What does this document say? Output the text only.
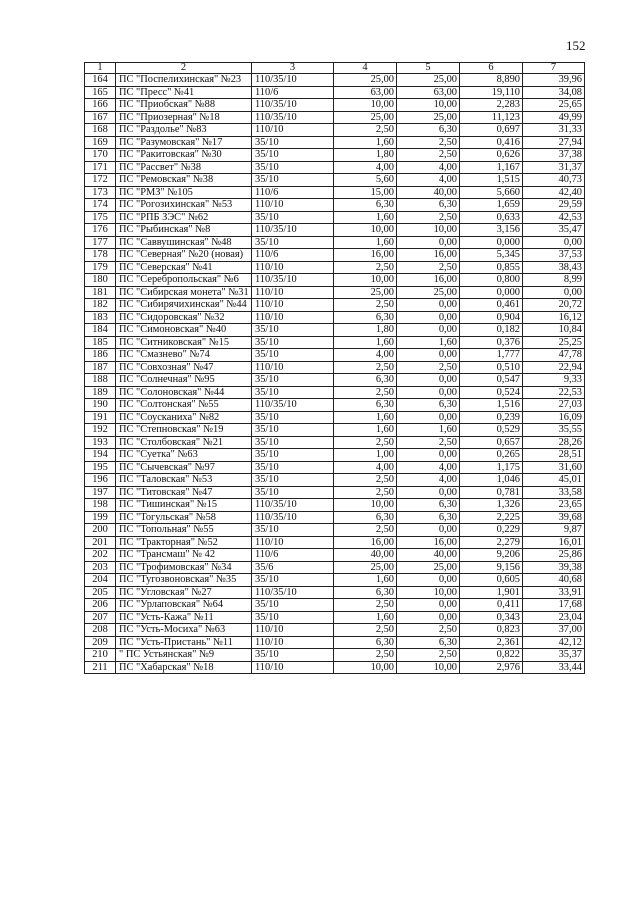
152
1	2	3	4	5	6	7
164	ПС "Поспелихинская" №23	110/35/10	25,00	25,00	8,890	39,96
165	ПС "Пресс" №41	110/6	63,00	63,00	19,110	34,08
166	ПС "Приобская" №88	110/35/10	10,00	10,00	2,283	25,65
167	ПС "Приозерная" №18	110/35/10	25,00	25,00	11,123	49,99
168	ПС "Раздолье" №83	110/10	2,50	6,30	0,697	31,33
169	ПС "Разумовская" №17	35/10	1,60	2,50	0,416	27,94
170	ПС "Ракитовская" №30	35/10	1,80	2,50	0,626	37,38
171	ПС "Рассвет" №38	35/10	4,00	4,00	1,167	31,37
172	ПС "Ремовская" №38	35/10	5,60	4,00	1,515	40,73
173	ПС "РМЗ" №105	110/6	15,00	40,00	5,660	42,40
174	ПС "Рогозихинская" №53	110/10	6,30	6,30	1,659	29,59
175	ПС "РПБ ЗЭС" №62	35/10	1,60	2,50	0,633	42,53
176	ПС "Рыбинская" №8	110/35/10	10,00	10,00	3,156	35,47
177	ПС "Саввушинская" №48	35/10	1,60	0,00	0,000	0,00
178	ПС "Северная" №20 (новая)	110/6	16,00	16,00	5,345	37,53
179	ПС "Северская" №41	110/10	2,50	2,50	0,855	38,43
180	ПС "Серебропольская" №6	110/35/10	10,00	16,00	0,800	8,99
181	ПС "Сибирская монета" №31	110/10	25,00	25,00	0,000	0,00
182	ПС "Сибирячихинская" №44	110/10	2,50	0,00	0,461	20,72
183	ПС "Сидоровская" №32	110/10	6,30	0,00	0,904	16,12
184	ПС "Симоновская" №40	35/10	1,80	0,00	0,182	10,84
185	ПС "Ситниковская" №15	35/10	1,60	1,60	0,376	25,25
186	ПС "Смазнево" №74	35/10	4,00	0,00	1,777	47,78
187	ПС "Совхозная" №47	110/10	2,50	2,50	0,510	22,94
188	ПС "Солнечная" №95	35/10	6,30	0,00	0,547	9,33
189	ПС "Солоновская" №44	35/10	2,50	0,00	0,524	22,53
190	ПС "Солтонская" №55	110/35/10	6,30	6,30	1,516	27,03
191	ПС "Соусканиха" №82	35/10	1,60	0,00	0,239	16,09
192	ПС "Степновская" №19	35/10	1,60	1,60	0,529	35,55
193	ПС "Столбовская" №21	35/10	2,50	2,50	0,657	28,26
194	ПС "Суетка" №63	35/10	1,00	0,00	0,265	28,51
195	ПС "Сычевская" №97	35/10	4,00	4,00	1,175	31,60
196	ПС "Таловская" №53	35/10	2,50	4,00	1,046	45,01
197	ПС "Титовская" №47	35/10	2,50	0,00	0,781	33,58
198	ПС "Тишинская" №15	110/35/10	10,00	6,30	1,326	23,65
199	ПС "Тогульская" №58	110/35/10	6,30	6,30	2,225	39,68
200	ПС "Топольная" №55	35/10	2,50	0,00	0,229	9,87
201	ПС "Тракторная" №52	110/10	16,00	16,00	2,279	16,01
202	ПС "Трансмаш" № 42	110/6	40,00	40,00	9,206	25,86
203	ПС "Трофимовская" №34	35/6	25,00	25,00	9,156	39,38
204	ПС "Тугозвоновская" №35	35/10	1,60	0,00	0,605	40,68
205	ПС "Угловская" №27	110/35/10	6,30	10,00	1,901	33,91
206	ПС "Урлаповская" №64	35/10	2,50	0,00	0,411	17,68
207	ПС "Усть-Кажа" №11	35/10	1,60	0,00	0,343	23,04
208	ПС "Усть-Мосиха" №63	110/10	2,50	2,50	0,823	37,00
209	ПС "Усть-Пристань" №11	110/10	6,30	6,30	2,361	42,12
210	" ПС Устьянская" №9	35/10	2,50	2,50	0,822	35,37
211	ПС "Хабарская" №18	110/10	10,00	10,00	2,976	33,44
